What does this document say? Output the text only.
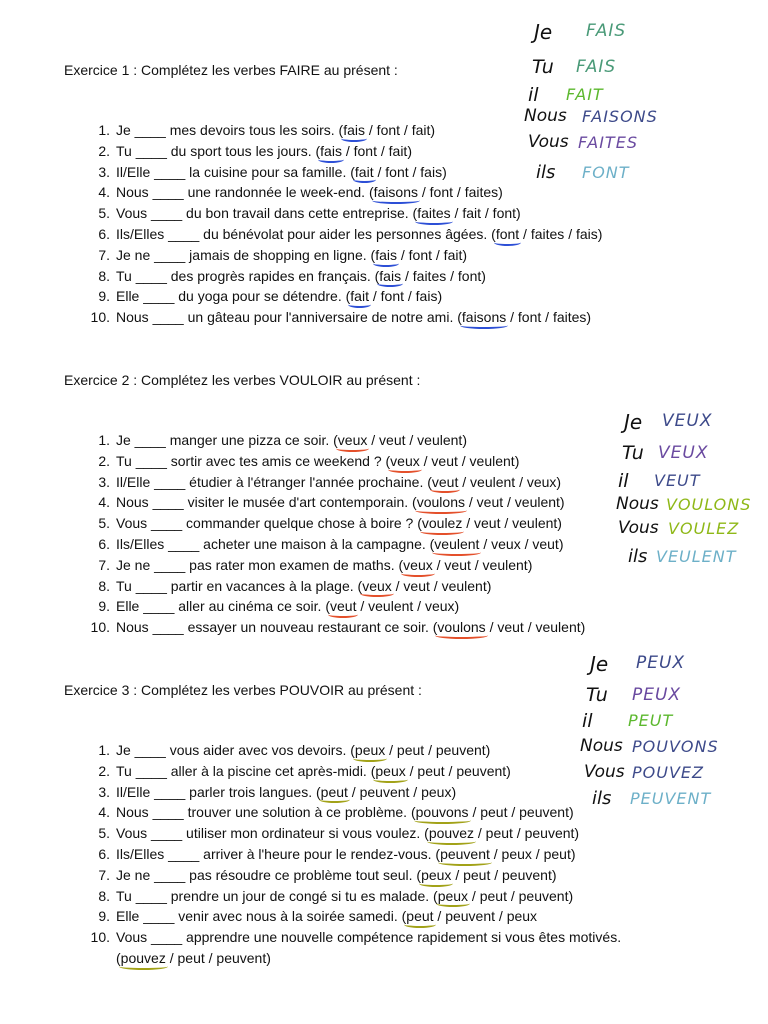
Exercice 1 : Complétez les verbes FAIRE au présent :
1. Je ____ mes devoirs tous les soirs. (fais / font / fait)
2. Tu ____ du sport tous les jours. (fais / font / fait)
3. Il/Elle ____ la cuisine pour sa famille. (fait / font / fais)
4. Nous ____ une randonnée le week-end. (faisons / font / faites)
5. Vous ____ du bon travail dans cette entreprise. (faites / fait / font)
6. Ils/Elles ____ du bénévolat pour aider les personnes âgées. (font / faites / fais)
7. Je ne ____ jamais de shopping en ligne. (fais / font / fait)
8. Tu ____ des progrès rapides en français. (fais / faites / font)
9. Elle ____ du yoga pour se détendre. (fait / font / fais)
10. Nous ____ un gâteau pour l'anniversaire de notre ami. (faisons / font / faites)
Je FAIS
Tu FAIS
il FAIT
Nous FAISONS
Vous FAITES
ils FONT
Exercice 2 : Complétez les verbes VOULOIR au présent :
1. Je ____ manger une pizza ce soir. (veux / veut / veulent)
2. Tu ____ sortir avec tes amis ce weekend ? (veux / veut / veulent)
3. Il/Elle ____ étudier à l'étranger l'année prochaine. (veut / veulent / veux)
4. Nous ____ visiter le musée d'art contemporain. (voulons / veut / veulent)
5. Vous ____ commander quelque chose à boire ? (voulez / veut / veulent)
6. Ils/Elles ____ acheter une maison à la campagne. (veulent / veux / veut)
7. Je ne ____ pas rater mon examen de maths. (veux / veut / veulent)
8. Tu ____ partir en vacances à la plage. (veux / veut / veulent)
9. Elle ____ aller au cinéma ce soir. (veut / veulent / veux)
10. Nous ____ essayer un nouveau restaurant ce soir. (voulons / veut / veulent)
Je VEUX
Tu VEUX
il VEUT
Nous VOULONS
Vous VOULEZ
ils VEULENT
Exercice 3 : Complétez les verbes POUVOIR au présent :
1. Je ____ vous aider avec vos devoirs. (peux / peut / peuvent)
2. Tu ____ aller à la piscine cet après-midi. (peux / peut / peuvent)
3. Il/Elle ____ parler trois langues. (peut / peuvent / peux)
4. Nous ____ trouver une solution à ce problème. (pouvons / peut / peuvent)
5. Vous ____ utiliser mon ordinateur si vous voulez. (pouvez / peut / peuvent)
6. Ils/Elles ____ arriver à l'heure pour le rendez-vous. (peuvent / peux / peut)
7. Je ne ____ pas résoudre ce problème tout seul. (peux / peut / peuvent)
8. Tu ____ prendre un jour de congé si tu es malade. (peux / peut / peuvent)
9. Elle ____ venir avec nous à la soirée samedi. (peut / peuvent / peux
10. Vous ____ apprendre une nouvelle compétence rapidement si vous êtes motivés.
(pouvez / peut / peuvent)
Je PEUX
Tu PEUX
il PEUT
Nous POUVONS
Vous POUVEZ
ils PEUVENT
